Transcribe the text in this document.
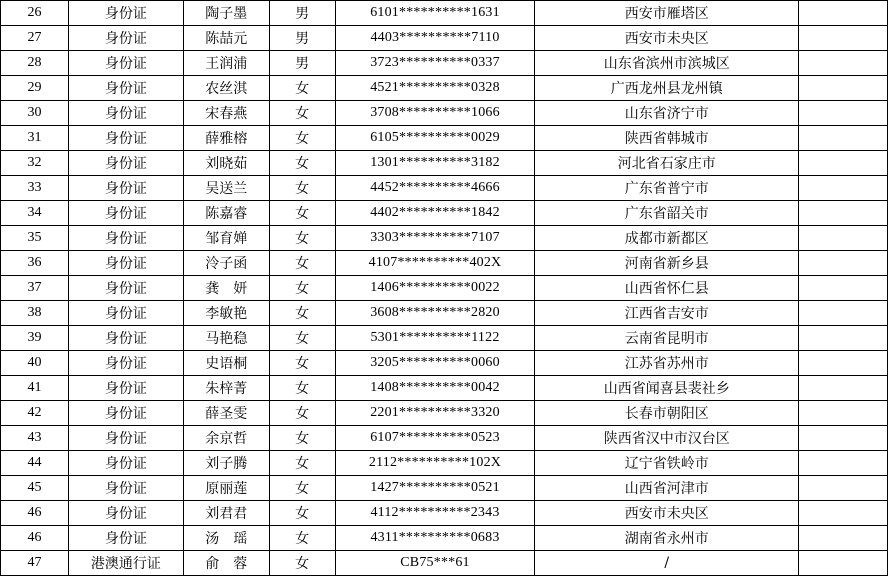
26	身份证	陶子墨	男	6101**********1631	西安市雁塔区	
27	身份证	陈喆元	男	4403**********7110	西安市未央区	
28	身份证	王润浦	男	3723**********0337	山东省滨州市滨城区	
29	身份证	农丝淇	女	4521**********0328	广西龙州县龙州镇	
30	身份证	宋春燕	女	3708**********1066	山东省济宁市	
31	身份证	薛雅榕	女	6105**********0029	陕西省韩城市	
32	身份证	刘晓茹	女	1301**********3182	河北省石家庄市	
33	身份证	吴送兰	女	4452**********4666	广东省普宁市	
34	身份证	陈嘉睿	女	4402**********1842	广东省韶关市	
35	身份证	邹育婵	女	3303**********7107	成都市新都区	
36	身份证	泠子函	女	4107**********402X	河南省新乡县	
37	身份证	龚　妍	女	1406**********0022	山西省怀仁县	
38	身份证	李敏艳	女	3608**********2820	江西省吉安市	
39	身份证	马艳稳	女	5301**********1122	云南省昆明市	
40	身份证	史语桐	女	3205**********0060	江苏省苏州市	
41	身份证	朱梓菁	女	1408**********0042	山西省闻喜县裴社乡	
42	身份证	薛圣雯	女	2201**********3320	长春市朝阳区	
43	身份证	余京哲	女	6107**********0523	陕西省汉中市汉台区	
44	身份证	刘子腾	女	2112**********102X	辽宁省铁岭市	
45	身份证	原丽莲	女	1427**********0521	山西省河津市	
46	身份证	刘君君	女	4112**********2343	西安市未央区	
46	身份证	汤　瑶	女	4311**********0683	湖南省永州市	
47	港澳通行证	俞　蓉	女	CB75***61	/	
